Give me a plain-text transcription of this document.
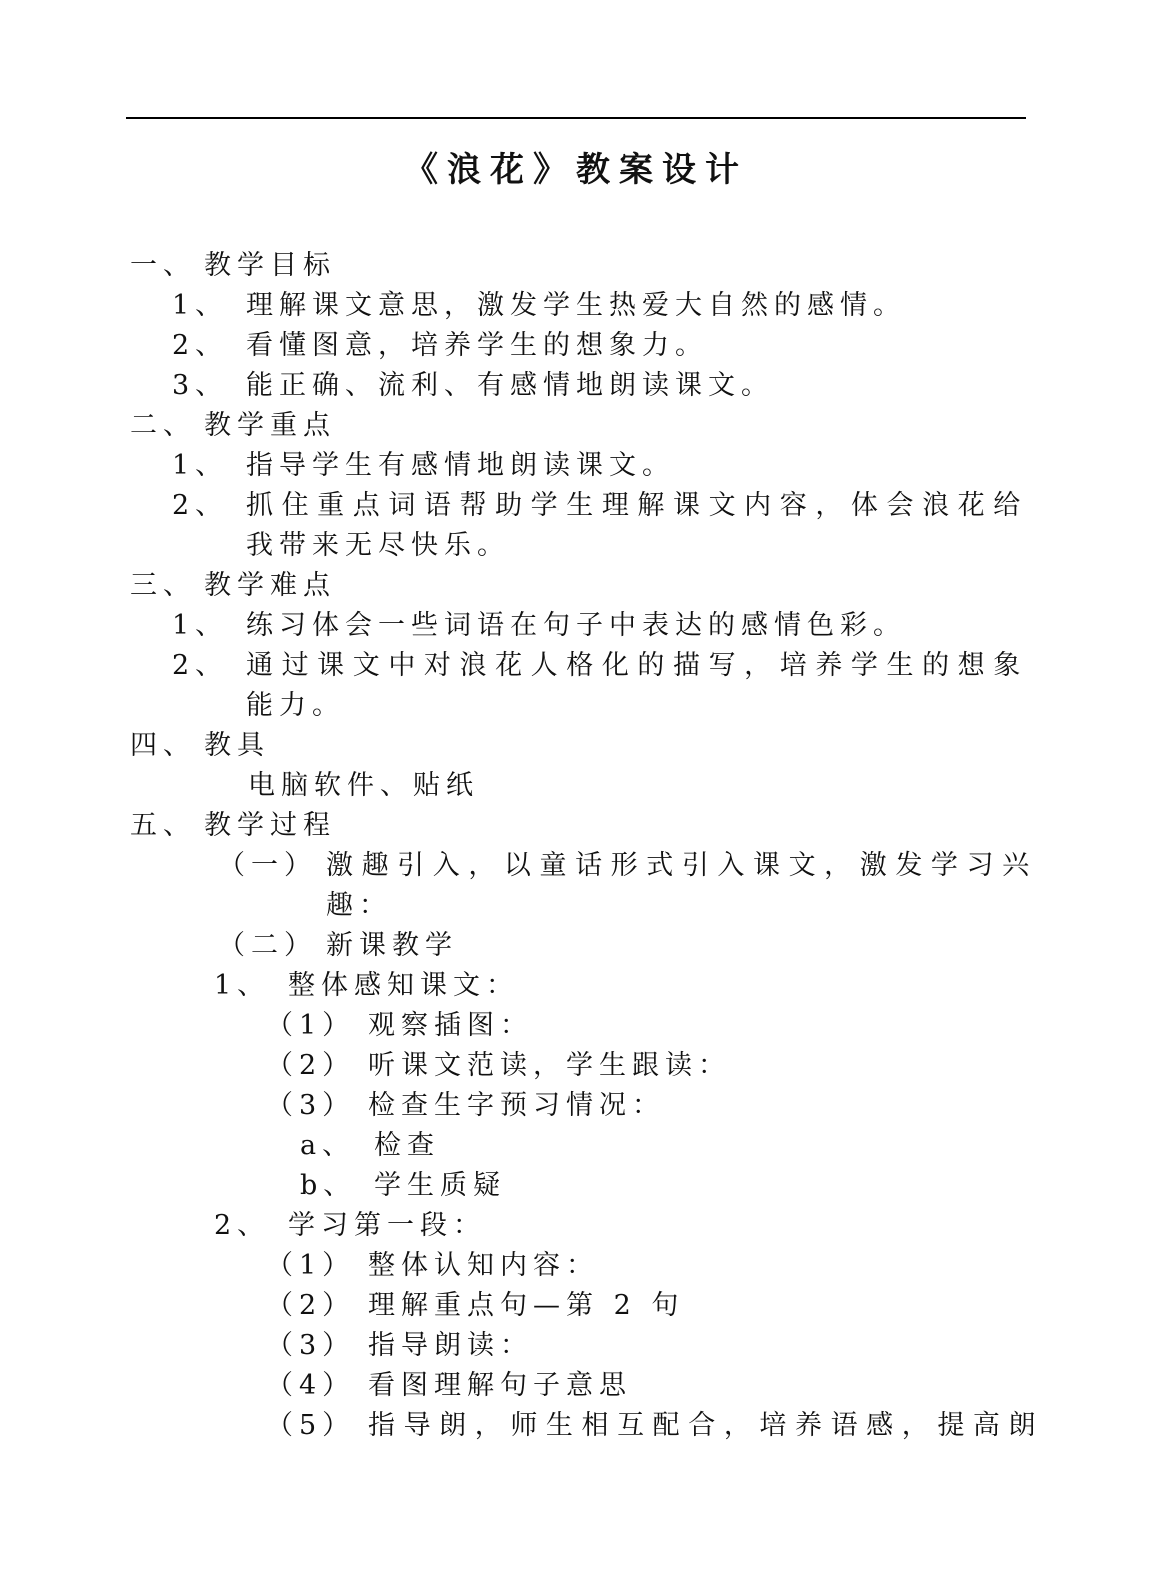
《浪花》教案设计
一、 教学目标
1、 理解课文意思，激发学生热爱大自然的感情。
2、 看懂图意，培养学生的想象力。
3、 能正确、流利、有感情地朗读课文。
二、 教学重点
1、 指导学生有感情地朗读课文。
2、 抓 住 重 点 词 语 帮 助 学 生 理 解 课 文 内 容 ， 体 会 浪 花 给
我带来无尽快乐。
三、 教学难点
1、 练习体会一些词语在句子中表达的感情色彩。
2、 通 过 课 文 中 对 浪 花 人 格 化 的 描 写 ， 培 养 学 生 的 想 象
能力。
四、 教具
电脑软件、贴纸
五、 教学过程
（一） 激 趣 引 入 ， 以 童 话 形 式 引 入 课 文 ， 激 发 学 习 兴
趣：
（二） 新课教学
1、 整体感知课文：
（1） 观察插图：
（2） 听课文范读，学生跟读：
（3） 检查生字预习情况：
a、 检查
b、 学生质疑
2、 学习第一段：
（1） 整体认知内容：
（2） 理解重点句—第 2 句
（3） 指导朗读：
（4） 看图理解句子意思
（5） 指 导 朗 ， 师 生 相 互 配 合 ， 培 养 语 感 ， 提 高 朗
